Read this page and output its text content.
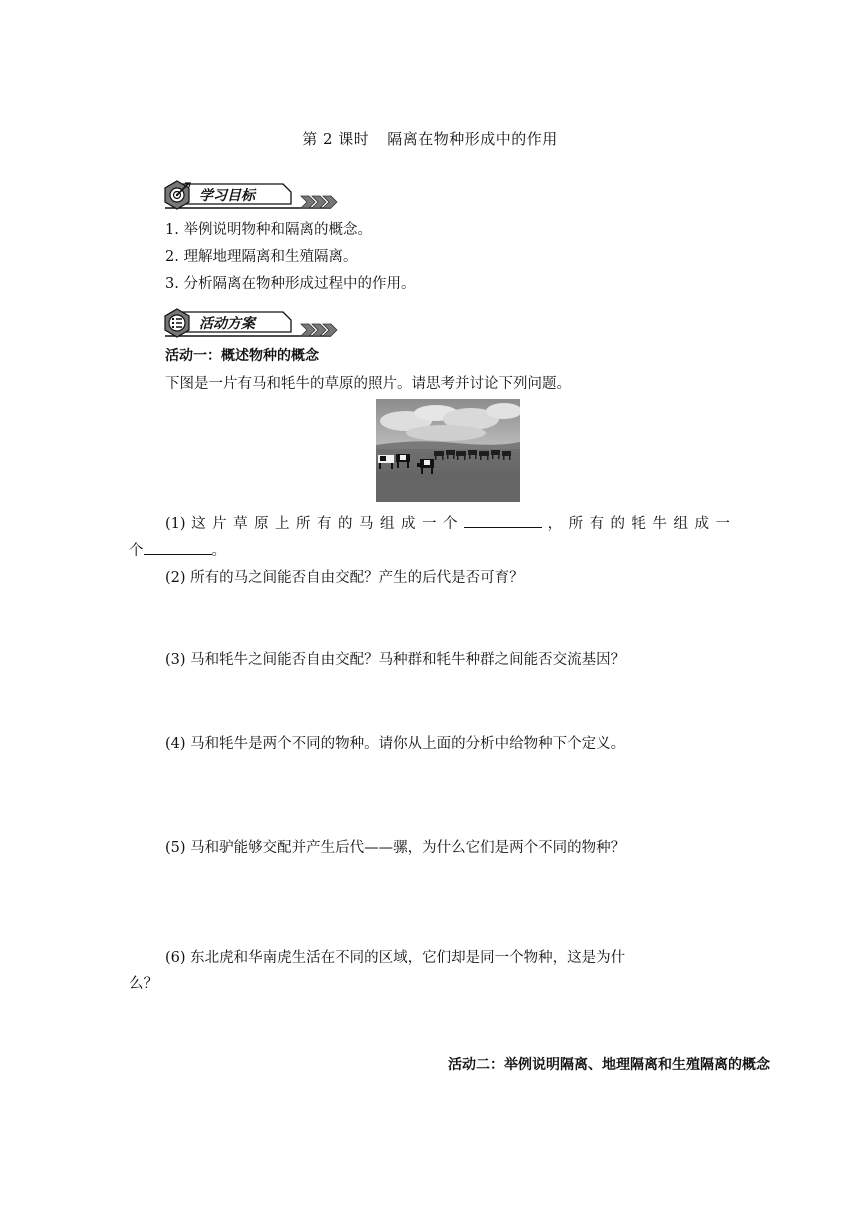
第 2 课时 隔离在物种形成中的作用
学习目标
1. 举例说明物种和隔离的概念。
2. 理解地理隔离和生殖隔离。
3. 分析隔离在物种形成过程中的作用。
活动方案
活动一：概述物种的概念
下图是一片有马和牦牛的草原的照片。请思考并讨论下列问题。
(1) 这 片 草 原 上 所 有 的 马 组 成 一 个	， 所 有 的 牦 牛 组 成 一
个	。
(2) 所有的马之间能否自由交配？产生的后代是否可育？
(3) 马和牦牛之间能否自由交配？马种群和牦牛种群之间能否交流基因？
(4) 马和牦牛是两个不同的物种。请你从上面的分析中给物种下个定义。
(5) 马和驴能够交配并产生后代——骡，为什么它们是两个不同的物种？
(6) 东北虎和华南虎生活在不同的区域，它们却是同一个物种，这是为什
么？
活动二：举例说明隔离、地理隔离和生殖隔离的概念
